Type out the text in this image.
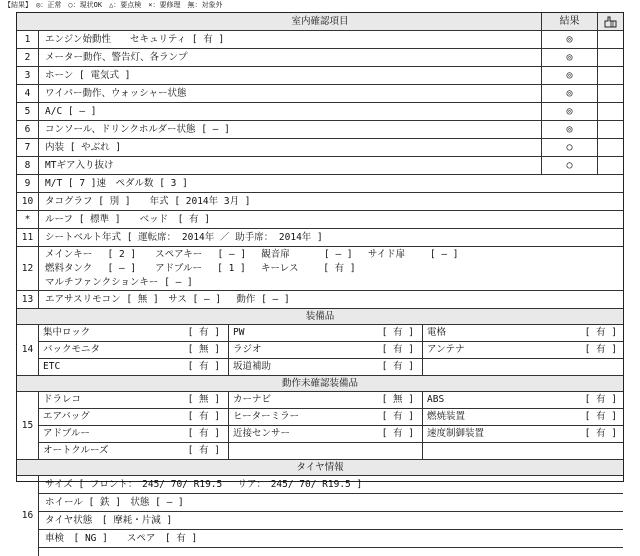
【結果】 ◎：正常　○：現状OK　△：要点検　×：要修理　無：対象外
室内確認項目	結果
1	エンジン始動性　　セキュリティ [ 有 ]	◎
2	メーター動作、警告灯、各ランプ	◎
3	ホーン [ 電気式 ]	◎
4	ワイパー動作、ウォッシャー状態	◎
5	A/C [ ― ]	◎
6	コンソール、ドリンクホルダー状態 [ ― ]	◎
7	内装 [ やぶれ ]	○
8	MTギア入り抜け	○
9	M/T [ 7 ]速　ペダル数 [ 3 ]
10	タコグラフ [ 別 ]　　年式 [ 2014年 3月 ]
*	ルーフ [ 標準 ]　　ベッド　[ 有 ]
11	シートベルト年式 [ 運転席： 2014年 ／ 助手席： 2014年 ]
12
メインキー　 [ 2 ]　　スペアキー　 [ ― ]　 観音扉　　　 [ ― ]　 サイド扉　　 [ ― ]
燃料タンク　 [ ― ]　　アドブルー　 [ 1 ]　 キーレス　　 [ 有 ]
マルチファンクションキー [ ― ]
13	エアサスリモコン [ 無 ]　サス [ ― ]　 動作 [ ― ]
装備品
14
集中ロック	[ 有 ] PW	[ 有 ] 電格	[ 有 ]
バックモニタ	[ 無 ] ラジオ	[ 有 ] アンテナ	[ 有 ]
ETC	[ 有 ] 坂道補助	[ 有 ]
動作未確認装備品
15
ドラレコ	[ 無 ] カーナビ	[ 無 ] ABS	[ 有 ]
エアバッグ	[ 有 ] ヒーターミラー	[ 有 ] 燃焼装置	[ 有 ]
アドブルー	[ 有 ] 近接センサー	[ 有 ] 速度制御装置	[ 有 ]
オートクルーズ	[ 有 ]
タイヤ情報
16
サイズ [ フロント：　245/ 70/ R19.5　 リア：　245/ 70/ R19.5 ]
ホイール [ 鉄 ]　状態 [ ― ]
タイヤ状態　[ 摩耗・片減 ]
車検　[ NG ]　　スペア　[ 有 ]
